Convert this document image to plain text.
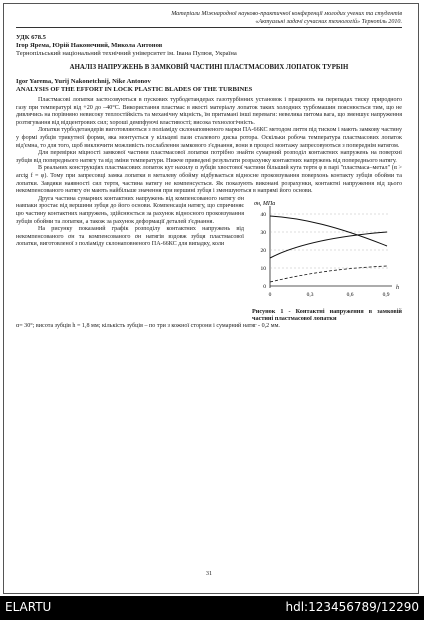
Матеріали Міжнародної науково-практичної конференції молодих учених та студентів
«Актуальні задачі сучасних технологій» Тернопіль 2010.
УДК 678.5
Ігор Ярема, Юрій Наконечний, Микола Антонов
Тернопільський національний технічний університет ім. Івана Пулюя, Україна
АНАЛІЗ НАПРУЖЕНЬ В ЗАМКОВІЙ ЧАСТИНІ ПЛАСТМАСОВИХ ЛОПАТОК ТУРБІН
Igor Yarema, Yurij Nakonetchnij, Nike Antonov
ANALYSIS OF THE EFFORT IN LOCK PLASTIC BLADES OF THE TURBINES

Пластмасові лопатки застосовуються в пускових турбодетандерах газотурбінних установок і працюють на перепадах тиску природного газу при температурі від +20 до –40°С. Використання пластмас в якості матеріалу лопаток таких холодних турбомашин пояснюється тим, що не дивлячись на порівняно невисоку теплостійкість та механічну міцність, їм притамані інші переваги: невелика питома вага, що зменшує напруження розтягування від відцентрових сил; хороші демпфуючі властивості; висока технологічність.

Лопатки турбодетандерів виготовляються з поліаміду склонаповненого марки ПА-66КС методом лиття під тиском і мають замкову частину у формі зубців трикутної форми, яка монтується у кільцеві пази сталевого диска ротора. Оскільки робоча температура пластмасових лопаток від'ємна, то для того, щоб виключити можливість послаблення замкового з'єднання, вони в процесі монтажу запресовуються з попереднім натягом.

Для перевірки міцності замкової частини пластмасової лопатки потрібно знайти сумарний розподіл контактних напружень на поверхні зубців від попереднього натягу та від зміни температури. Нижче приведені результати розрахунку контактних напружень від попереднього натягу.

В реальних конструкціях пластмасових лопаток кут нахилу α зубців хвостової частини більший кута тертя φ в парі "пластмаса–метал" (α > arctg f = φ). Тому при запресовці замка лопатки в металеву обойму відбувається відносне проковзування поверхонь контакту зубців обойми та лопатки. Завдяки наявності сил тертя, частина натягу не компенсується. Як показують виконані розрахунки, контактні напруження від цього некомпенсованого натягу σн мають найбільше значення при вершині зубця і зменшуються в напрямі його основи.

Друга частина сумарних контактних напружень від компенсованого натягу σн навпаки зростає від вершини зубця до його основи. Компенсація натягу, що спричиняє цю частину контактних напружень, здійснюється за рахунок відносного проковзування зубців обойми та лопатки, а також за рахунок деформації деталей з'єднання.

На рисунку показаний графік розподілу контактних напружень від некомпенсованого σн та компенсованого σн натягів вздовж зубця пластмасової лопатки, виготовленої з поліаміду склонаповненого ПА-66КС для випадку, коли

σн, МПа
40
30
20
10
0
0	0,3	0,6	0,9
h
Рисунок 1 - Контактні напруження в замковій частині пластмасової лопатки

α= 30°; висота зубців h = 1,8 мм; кількість зубців – по три з кожної сторони і сумарний натяг - 0,2 мм.

31
ELARTU	hdl:123456789/12290
